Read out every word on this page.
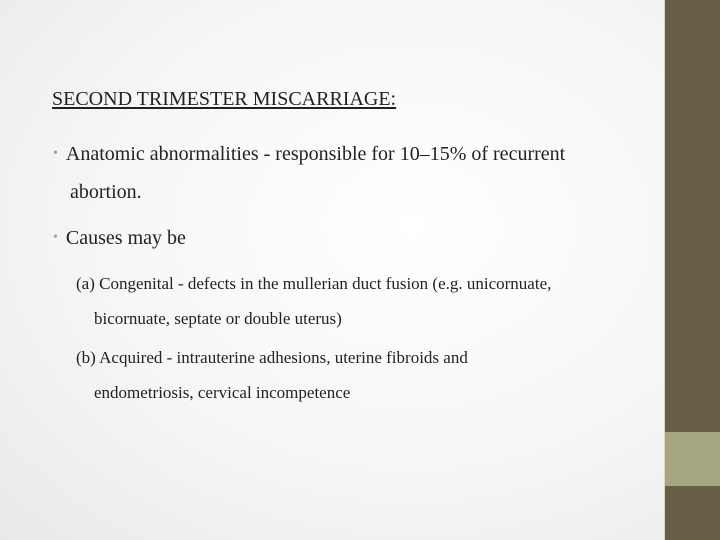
SECOND TRIMESTER MISCARRIAGE:
• Anatomic abnormalities - responsible for 10–15% of recurrent
abortion.
• Causes may be
(a) Congenital - defects in the mullerian duct fusion (e.g. unicornuate,
bicornuate, septate or double uterus)
(b) Acquired - intrauterine adhesions, uterine fibroids and
endometriosis, cervical incompetence
